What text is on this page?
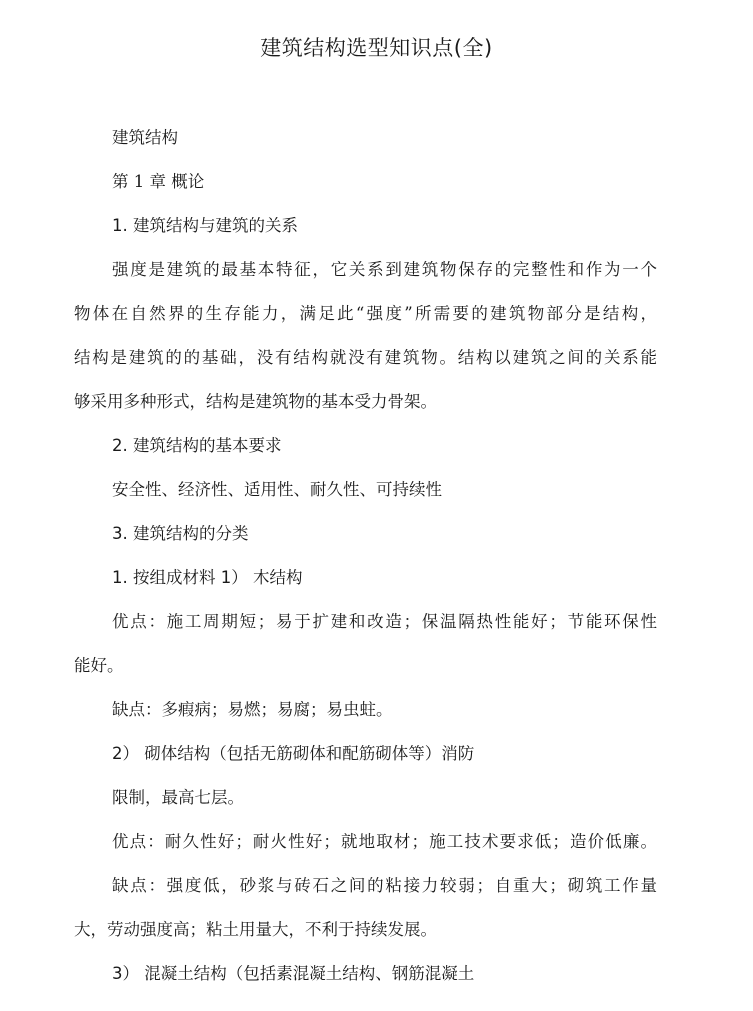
建筑结构选型知识点(全)
建筑结构
第 1 章 概论
1. 建筑结构与建筑的关系
强度是建筑的最基本特征，它关系到建筑物保存的完整性和作为一个
物体在自然界的生存能力，满足此“强度”所需要的建筑物部分是结构，
结构是建筑的的基础，没有结构就没有建筑物。结构以建筑之间的关系能
够采用多种形式，结构是建筑物的基本受力骨架。
2. 建筑结构的基本要求
安全性、经济性、适用性、耐久性、可持续性
3. 建筑结构的分类
1. 按组成材料 1） 木结构
优点：施工周期短；易于扩建和改造；保温隔热性能好；节能环保性
能好。
缺点：多瘕病；易燃；易腐；易虫蛀。
2） 砌体结构（包括无筋砌体和配筋砌体等）消防
限制，最高七层。
优点：耐久性好；耐火性好；就地取材；施工技术要求低；造价低廉。
缺点：强度低，砂浆与砖石之间的粘接力较弱；自重大；砌筑工作量
大，劳动强度高；粘土用量大，不利于持续发展。
3） 混凝土结构（包括素混凝土结构、钢筋混凝土
